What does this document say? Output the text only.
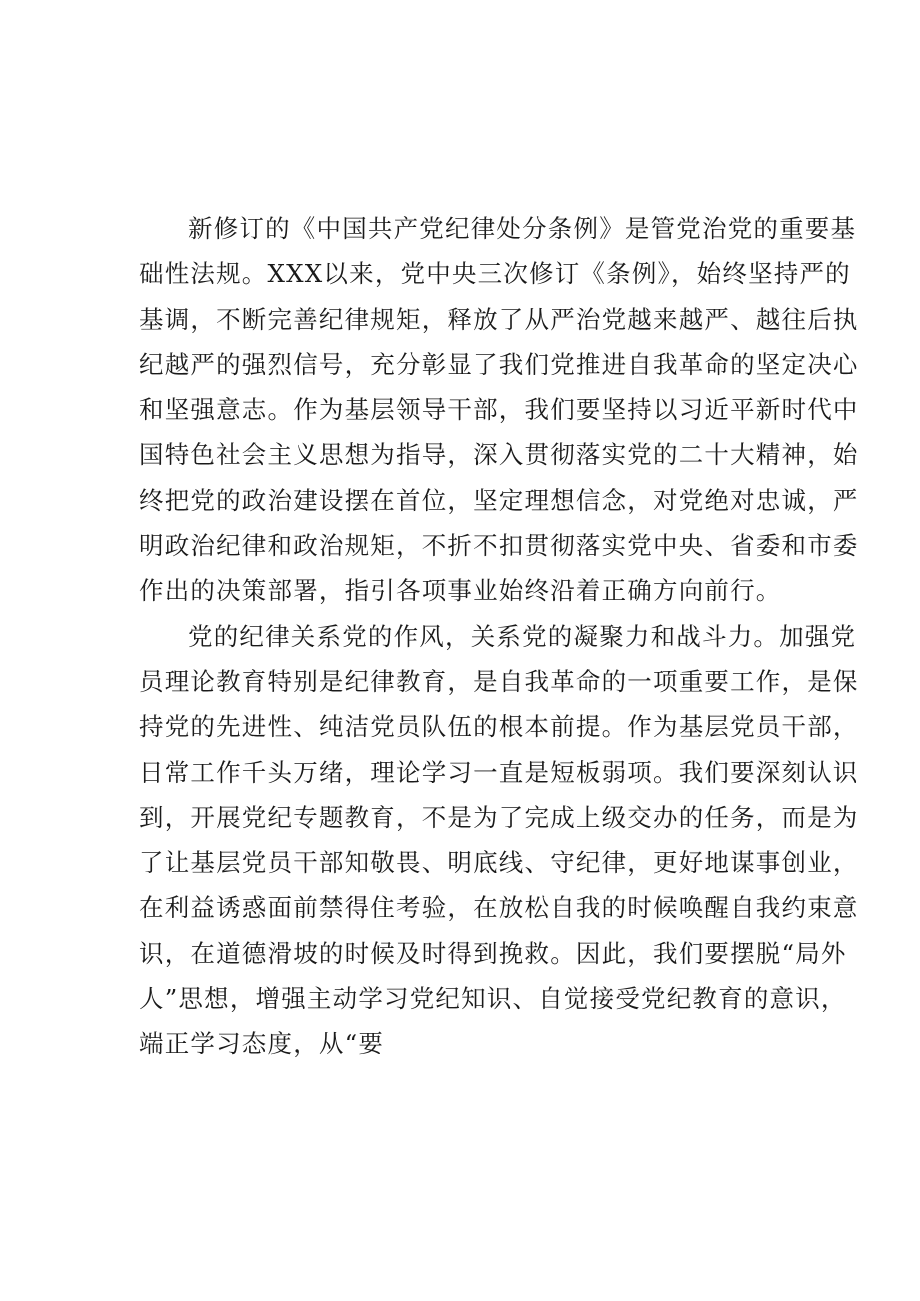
新修订的《中国共产党纪律处分条例》是管党治党的重要基
础性法规。XXX以来，党中央三次修订《条例》，始终坚持严的
基调，不断完善纪律规矩，释放了从严治党越来越严、越往后执
纪越严的强烈信号，充分彰显了我们党推进自我革命的坚定决心
和坚强意志。作为基层领导干部，我们要坚持以习近平新时代中
国特色社会主义思想为指导，深入贯彻落实党的二十大精神，始
终把党的政治建设摆在首位，坚定理想信念，对党绝对忠诚，严
明政治纪律和政治规矩，不折不扣贯彻落实党中央、省委和市委
作出的决策部署，指引各项事业始终沿着正确方向前行。
党的纪律关系党的作风，关系党的凝聚力和战斗力。加强党
员理论教育特别是纪律教育，是自我革命的一项重要工作，是保
持党的先进性、纯洁党员队伍的根本前提。作为基层党员干部，
日常工作千头万绪，理论学习一直是短板弱项。我们要深刻认识
到，开展党纪专题教育，不是为了完成上级交办的任务，而是为
了让基层党员干部知敬畏、明底线、守纪律，更好地谋事创业，
在利益诱惑面前禁得住考验，在放松自我的时候唤醒自我约束意
识，在道德滑坡的时候及时得到挽救。因此，我们要摆脱“局外
人”思想，增强主动学习党纪知识、自觉接受党纪教育的意识，
端正学习态度，从“要
